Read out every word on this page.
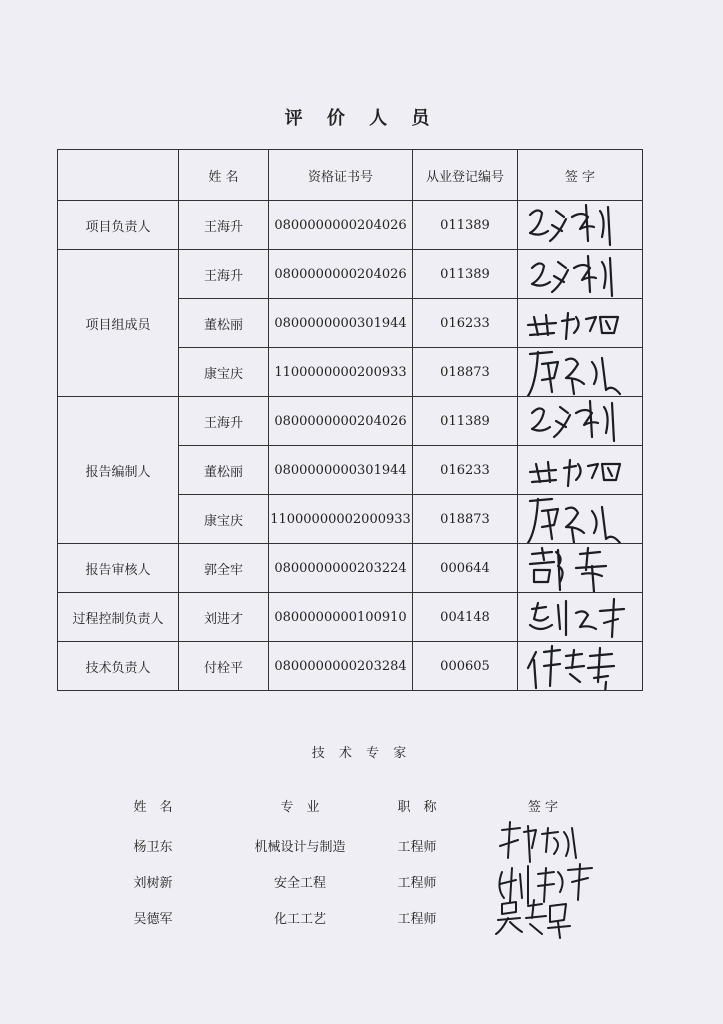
评 价 人 员
	姓 名	资格证书号	从业登记编号	签 字
项目负责人	王海升	0800000000204026	011389	

项目组成员	王海升	0800000000204026	011389	

	董松丽	0800000000301944	016233	

	康宝庆	1100000000200933	018873	

报告编制人	王海升	0800000000204026	011389	

	董松丽	0800000000301944	016233	

	康宝庆	11000000002000933	018873	

报告审核人	郭全牢	0800000000203224	000644	

过程控制负责人	刘进才	0800000000100910	004148	

技术负责人	付栓平	0800000000203284	000605	
技 术 专 家
姓　名	专　业	职　称	签 字
杨卫东	机械设计与制造	工程师
刘树新	安全工程	工程师
吴德军	化工工艺	工程师
